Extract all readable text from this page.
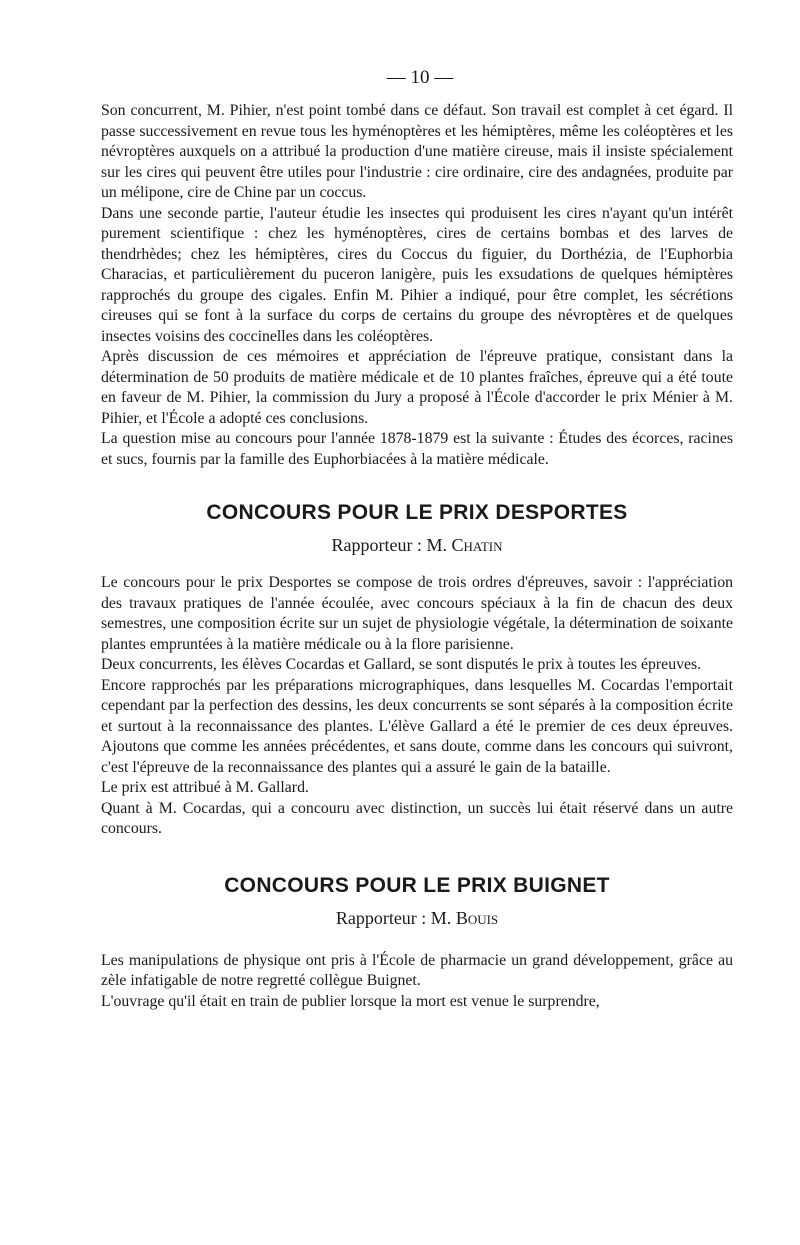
— 10 —

Son concurrent, M. Pihier, n'est point tombé dans ce défaut. Son travail est complet à cet égard. Il passe successivement en revue tous les hyménoptères et les hémiptères, même les coléoptères et les névroptères auxquels on a attribué la production d'une matière cireuse, mais il insiste spécialement sur les cires qui peuvent être utiles pour l'industrie : cire ordinaire, cire des andagnées, produite par un mélipone, cire de Chine par un coccus.

Dans une seconde partie, l'auteur étudie les insectes qui produisent les cires n'ayant qu'un intérêt purement scientifique : chez les hyménoptères, cires de certains bombas et des larves de thendrhèdes; chez les hémiptères, cires du Coccus du figuier, du Dorthézia, de l'Euphorbia Characias, et particulièrement du puceron lanigère, puis les exsudations de quelques hémiptères rapprochés du groupe des cigales. Enfin M. Pihier a indiqué, pour être complet, les sécrétions cireuses qui se font à la surface du corps de certains du groupe des névroptères et de quelques insectes voisins des coccinelles dans les coléoptères.

Après discussion de ces mémoires et appréciation de l'épreuve pratique, consistant dans la détermination de 50 produits de matière médicale et de 10 plantes fraîches, épreuve qui a été toute en faveur de M. Pihier, la commission du Jury a proposé à l'École d'accorder le prix Ménier à M. Pihier, et l'École a adopté ces conclusions.

La question mise au concours pour l'année 1878-1879 est la suivante : Études des écorces, racines et sucs, fournis par la famille des Euphorbiacées à la matière médicale.

CONCOURS POUR LE PRIX DESPORTES

Rapporteur : M. Chatin

Le concours pour le prix Desportes se compose de trois ordres d'épreuves, savoir : l'appréciation des travaux pratiques de l'année écoulée, avec concours spéciaux à la fin de chacun des deux semestres, une composition écrite sur un sujet de physiologie végétale, la détermination de soixante plantes empruntées à la matière médicale ou à la flore parisienne.

Deux concurrents, les élèves Cocardas et Gallard, se sont disputés le prix à toutes les épreuves.

Encore rapprochés par les préparations micrographiques, dans lesquelles M. Cocardas l'emportait cependant par la perfection des dessins, les deux concurrents se sont séparés à la composition écrite et surtout à la reconnaissance des plantes. L'élève Gallard a été le premier de ces deux épreuves. Ajoutons que comme les années précédentes, et sans doute, comme dans les concours qui suivront, c'est l'épreuve de la reconnaissance des plantes qui a assuré le gain de la bataille.

Le prix est attribué à M. Gallard.

Quant à M. Cocardas, qui a concouru avec distinction, un succès lui était réservé dans un autre concours.

CONCOURS POUR LE PRIX BUIGNET

Rapporteur : M. Bouis

Les manipulations de physique ont pris à l'École de pharmacie un grand développement, grâce au zèle infatigable de notre regretté collègue Buignet.

L'ouvrage qu'il était en train de publier lorsque la mort est venue le surprendre,
